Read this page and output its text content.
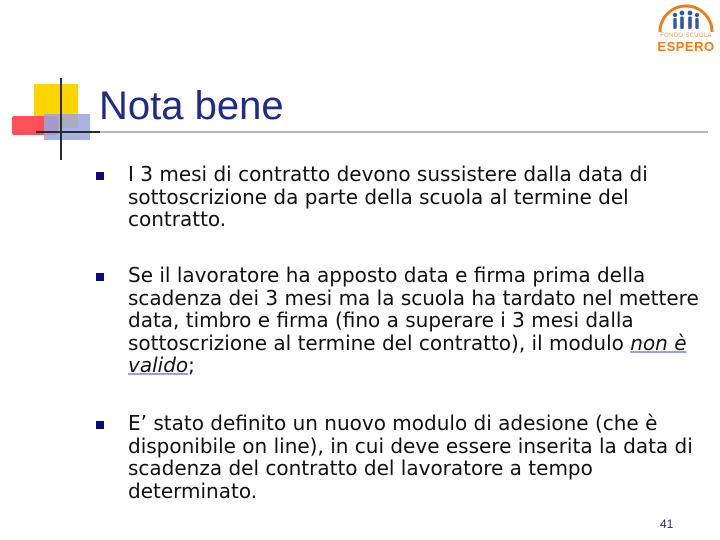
Nota bene
FONDO SCUOLA
ESPERO
I 3 mesi di contratto devono sussistere dalla data di sottoscrizione da parte della scuola al termine del contratto.
Se il lavoratore ha apposto data e firma prima della scadenza dei 3 mesi ma la scuola ha tardato nel mettere data, timbro e firma (fino a superare i 3 mesi dalla sottoscrizione al termine del contratto), il modulo non è valido;
E’ stato definito un nuovo modulo di adesione (che è disponibile on line), in cui deve essere inserita la data di scadenza del contratto del lavoratore a tempo determinato.
41
